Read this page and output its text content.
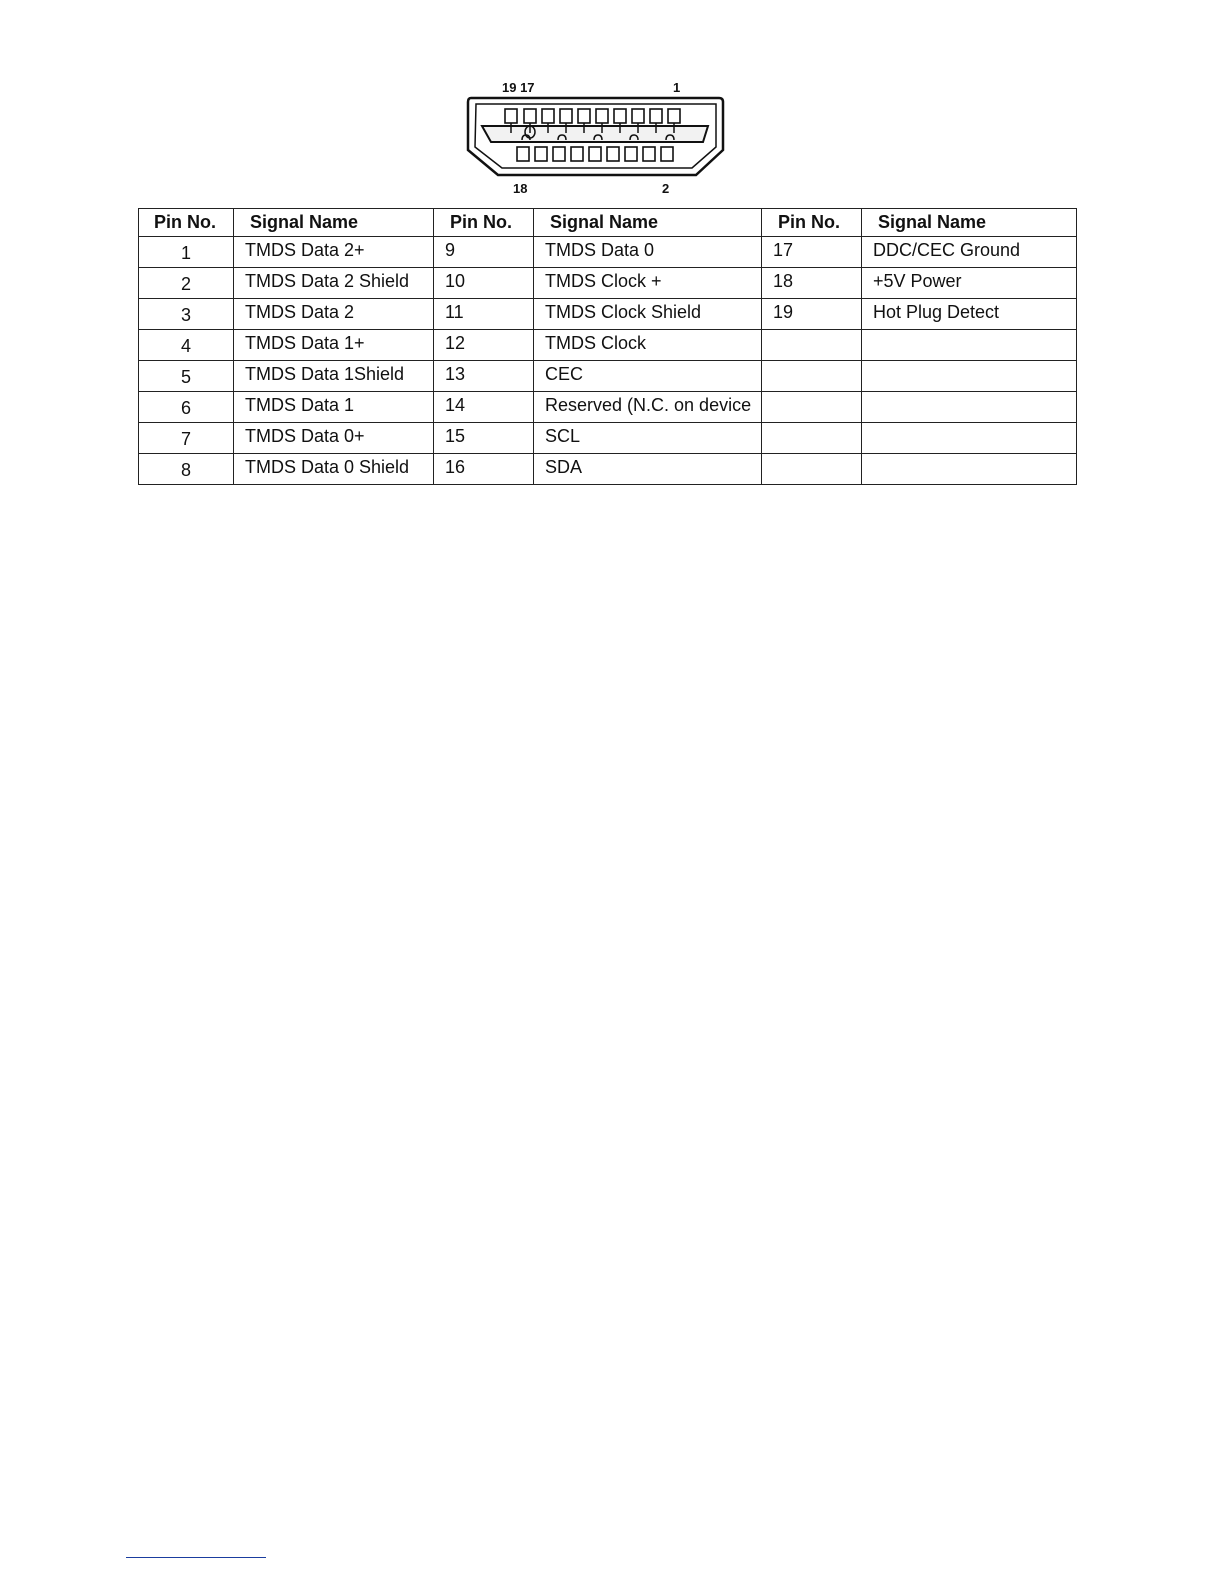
19 17	1
18	2
Pin No.	Signal Name	Pin No.	Signal Name	Pin No.	Signal Name
1	TMDS Data 2+	9	TMDS Data 0	17	DDC/CEC Ground
2	TMDS Data 2 Shield	10	TMDS Clock +	18	+5V Power
3	TMDS Data 2	11	TMDS Clock Shield	19	Hot Plug Detect
4	TMDS Data 1+	12	TMDS Clock		
5	TMDS Data 1Shield	13	CEC		
6	TMDS Data 1	14	Reserved (N.C. on device		
7	TMDS Data 0+	15	SCL		
8	TMDS Data 0 Shield	16	SDA		
